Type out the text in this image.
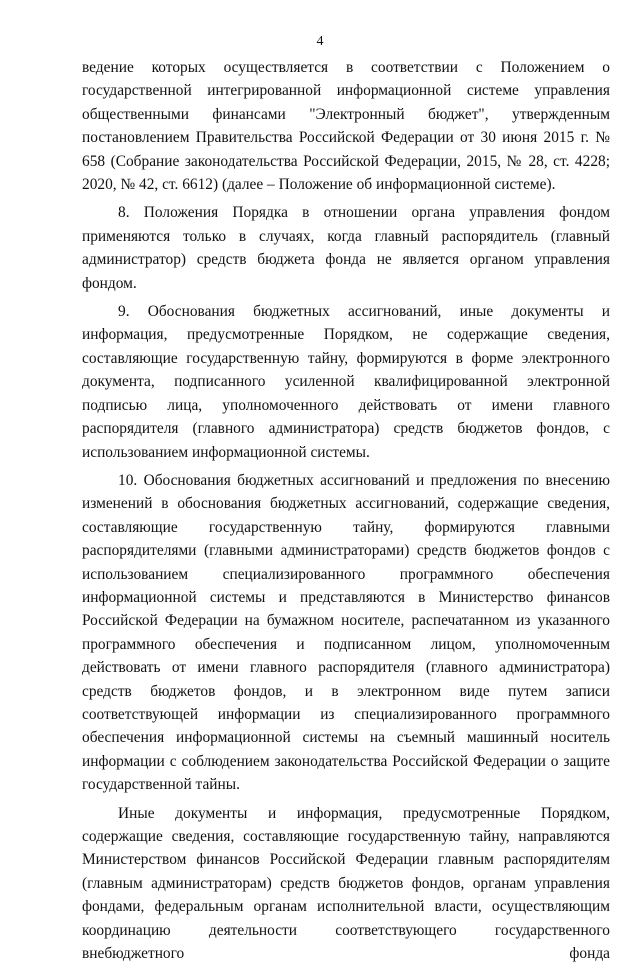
4

ведение которых осуществляется в соответствии с Положением о государственной интегрированной информационной системе управления общественными финансами "Электронный бюджет", утвержденным постановлением Правительства Российской Федерации от 30 июня 2015 г. № 658 (Собрание законодательства Российской Федерации, 2015, № 28, ст. 4228; 2020, № 42, ст. 6612) (далее – Положение об информационной системе).

8. Положения Порядка в отношении органа управления фондом применяются только в случаях, когда главный распорядитель (главный администратор) средств бюджета фонда не является органом управления фондом.

9. Обоснования бюджетных ассигнований, иные документы и информация, предусмотренные Порядком, не содержащие сведения, составляющие государственную тайну, формируются в форме электронного документа, подписанного усиленной квалифицированной электронной подписью лица, уполномоченного действовать от имени главного распорядителя (главного администратора) средств бюджетов фондов, с использованием информационной системы.

10. Обоснования бюджетных ассигнований и предложения по внесению изменений в обоснования бюджетных ассигнований, содержащие сведения, составляющие государственную тайну, формируются главными распорядителями (главными администраторами) средств бюджетов фондов с использованием специализированного программного обеспечения информационной системы и представляются в Министерство финансов Российской Федерации на бумажном носителе, распечатанном из указанного программного обеспечения и подписанном лицом, уполномоченным действовать от имени главного распорядителя (главного администратора) средств бюджетов фондов, и в электронном виде путем записи соответствующей информации из специализированного программного обеспечения информационной системы на съемный машинный носитель информации с соблюдением законодательства Российской Федерации о защите государственной тайны.

Иные документы и информация, предусмотренные Порядком, содержащие сведения, составляющие государственную тайну, направляются Министерством финансов Российской Федерации главным распорядителям (главным администраторам) средств бюджетов фондов, органам управления фондами, федеральным органам исполнительной власти, осуществляющим координацию деятельности соответствующего государственного внебюджетного фонда
